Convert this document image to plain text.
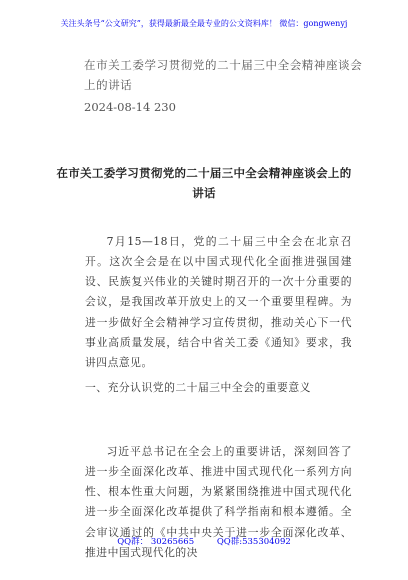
关注头条号“公文研究”，获得最新最全最专业的公文资料库！ 微信：gongwenyj
在市关工委学习贯彻党的二十届三中全会精神座谈会上的讲话
2024-08-14 230
在市关工委学习贯彻党的二十届三中全会精神座谈会上的讲话

7月15—18日，党的二十届三中全会在北京召开。这次全会是在以中国式现代化全面推进强国建设、民族复兴伟业的关键时期召开的一次十分重要的会议，是我国改革开放史上的又一个重要里程碑。为进一步做好全会精神学习宣传贯彻，推动关心下一代事业高质量发展，结合中省关工委《通知》要求，我讲四点意见。

一、充分认识党的二十届三中全会的重要意义

习近平总书记在全会上的重要讲话，深刻回答了进一步全面深化改革、推进中国式现代化一系列方向性、根本性重大问题，为紧紧围绕推进中国式现代化进一步全面深化改革提供了科学指南和根本遵循。全会审议通过的《中共中央关于进一步全面深化改革、推进中国式现代化的决

QQ群： 30265665	QQ群:535304092
